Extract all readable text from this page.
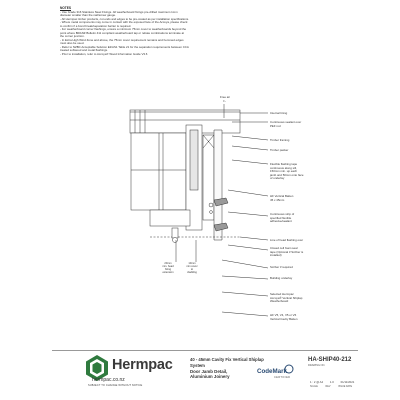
NOTES
- Use Grade 316 Stainless Steel Fixings. All weatherboard fixings pre-drilled maximum 1mm
diameter smaller than the nail/screw gauge.
- All Hermpac timber products, cut ends and edges to be pre-coated as per installation specifications.
- Where metal components may come in contact with the exposed face of the Accoya, please check
to confirm if a bond break/separation barrier is required.
- For weatherboard corner flashings, ensure a minimum 75mm cover to weatherboards beyond the
point where BRANZ Bulletin 411 compliant weatherboard tap or rebate combinations terminate at
the corner junction.
- In Extra High Wind Zone and above, the 75mm cover requirement remains and hemmed edges
must also be used.
- Refer to NZBC Acceptable Solution E2/AS1 Table 21 for the separation requirements between CCA
treated softwood and metal flashings.
- Prior to installation, refer to Accoya® Wood Information Guide V3.6
Free air
¾
Internal lining
Continuous sealant over
PEF rod
Timber framing
Timber packer
Flexible flashing tape
continuous along sill,
150mm min. up each
jamb and 50mm onto face
of underlay
HF Vertical Batten
45 x 45mm
Continuous strip of
specified flexible
adhesive/sealant
Line of head flashing over
Closed cell foam seal
tape (Optional if Scriber is
installed)
Scriber if required
Building underlay
Selected Hermpac
Accoya® Vertical Shiplap
Weatherboard
HF V5, V4, V5 or V6
Vertical Cavity Batten
20mm
min. head
fixing
extension
10mm
min cover
to
cladding
Hermpac
hermpac.co.nz
SUBJECT TO CHANGE WITHOUT NOTICE
40 - 45mm Cavity Fix Vertical Shiplap System
Door Jamb Detail,
Aluminium Joinery
CodeMark
CERTIFIED
HA-SHIP40-212
DRAWING NO.
1 : 2 @ A4 1.0 01/11/2021
SCALE	REV	ISSUE DATE
